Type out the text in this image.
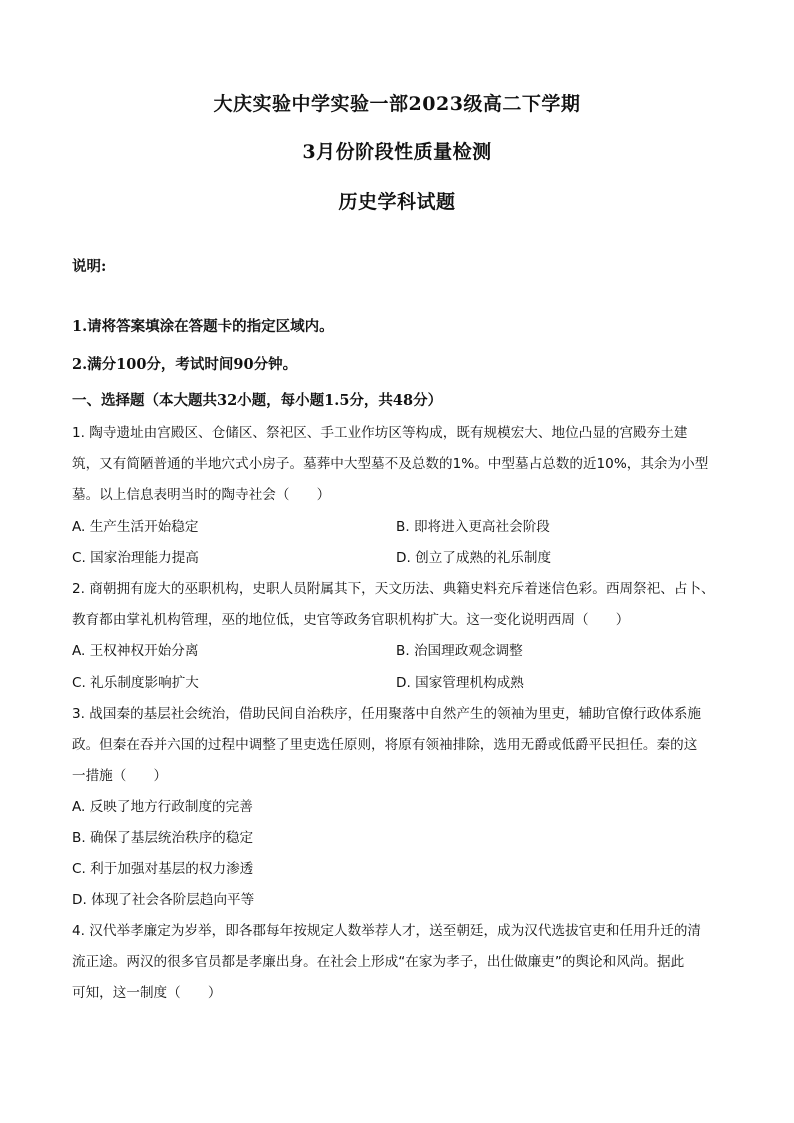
大庆实验中学实验一部2023级高二下学期
3月份阶段性质量检测
历史学科试题
说明:
1.请将答案填涂在答题卡的指定区域内。
2.满分100分，考试时间90分钟。
一、选择题（本大题共32小题，每小题1.5分，共48分）
1. 陶寺遗址由宫殿区、仓储区、祭祀区、手工业作坊区等构成，既有规模宏大、地位凸显的宫殿夯土建
筑，又有简陋普通的半地穴式小房子。墓葬中大型墓不及总数的1%。中型墓占总数的近10%，其余为小型
墓。以上信息表明当时的陶寺社会（　　）
A. 生产生活开始稳定	B. 即将进入更高社会阶段
C. 国家治理能力提高	D. 创立了成熟的礼乐制度
2. 商朝拥有庞大的巫职机构，史职人员附属其下，天文历法、典籍史料充斥着迷信色彩。西周祭祀、占卜、
教育都由掌礼机构管理，巫的地位低，史官等政务官职机构扩大。这一变化说明西周（　　）
A. 王权神权开始分离	B. 治国理政观念调整
C. 礼乐制度影响扩大	D. 国家管理机构成熟
3. 战国秦的基层社会统治，借助民间自治秩序，任用聚落中自然产生的领袖为里吏，辅助官僚行政体系施
政。但秦在吞并六国的过程中调整了里吏选任原则，将原有领袖排除，选用无爵或低爵平民担任。秦的这
一措施（　　）
A. 反映了地方行政制度的完善
B. 确保了基层统治秩序的稳定
C. 利于加强对基层的权力渗透
D. 体现了社会各阶层趋向平等
4. 汉代举孝廉定为岁举，即各郡每年按规定人数举荐人才，送至朝廷，成为汉代选拔官吏和任用升迁的清
流正途。两汉的很多官员都是孝廉出身。在社会上形成“在家为孝子，出仕做廉吏”的舆论和风尚。据此
可知，这一制度（　　）
